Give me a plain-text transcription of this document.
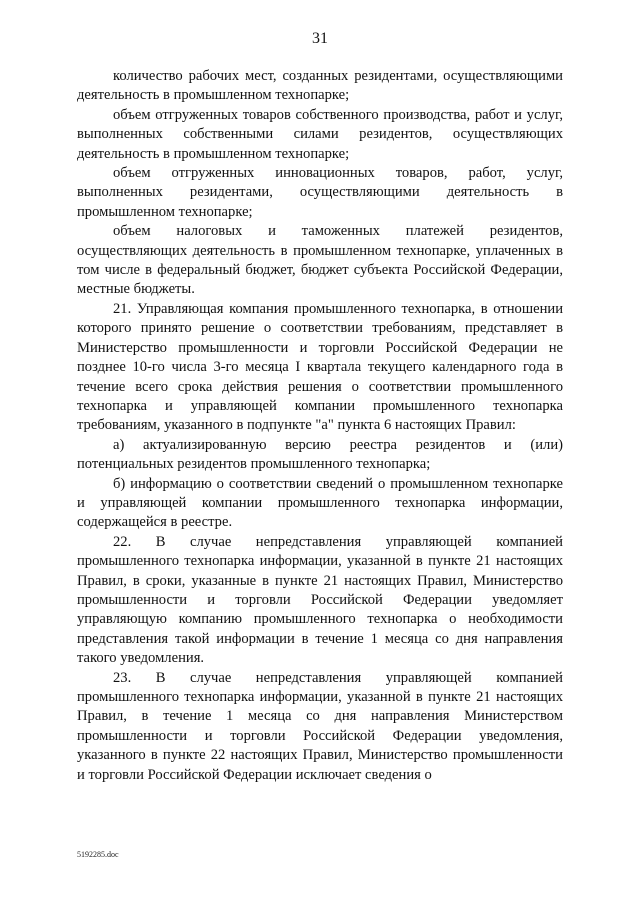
31

количество рабочих мест, созданных резидентами, осуществляющими деятельность в промышленном технопарке;

объем отгруженных товаров собственного производства, работ и услуг, выполненных собственными силами резидентов, осуществляющих деятельность в промышленном технопарке;

объем отгруженных инновационных товаров, работ, услуг, выполненных резидентами, осуществляющими деятельность в промышленном технопарке;

объем налоговых и таможенных платежей резидентов, осуществляющих деятельность в промышленном технопарке, уплаченных в том числе в федеральный бюджет, бюджет субъекта Российской Федерации, местные бюджеты.

21. Управляющая компания промышленного технопарка, в отношении которого принято решение о соответствии требованиям, представляет в Министерство промышленности и торговли Российской Федерации не позднее 10-го числа 3-го месяца I квартала текущего календарного года в течение всего срока действия решения о соответствии промышленного технопарка и управляющей компании промышленного технопарка требованиям, указанного в подпункте "а" пункта 6 настоящих Правил:

а) актуализированную версию реестра резидентов и (или) потенциальных резидентов промышленного технопарка;

б) информацию о соответствии сведений о промышленном технопарке и управляющей компании промышленного технопарка информации, содержащейся в реестре.

22. В случае непредставления управляющей компанией промышленного технопарка информации, указанной в пункте 21 настоящих Правил, в сроки, указанные в пункте 21 настоящих Правил, Министерство промышленности и торговли Российской Федерации уведомляет управляющую компанию промышленного технопарка о необходимости представления такой информации в течение 1 месяца со дня направления такого уведомления.

23. В случае непредставления управляющей компанией промышленного технопарка информации, указанной в пункте 21 настоящих Правил, в течение 1 месяца со дня направления Министерством промышленности и торговли Российской Федерации уведомления, указанного в пункте 22 настоящих Правил, Министерство промышленности и торговли Российской Федерации исключает сведения о

5192285.doc
